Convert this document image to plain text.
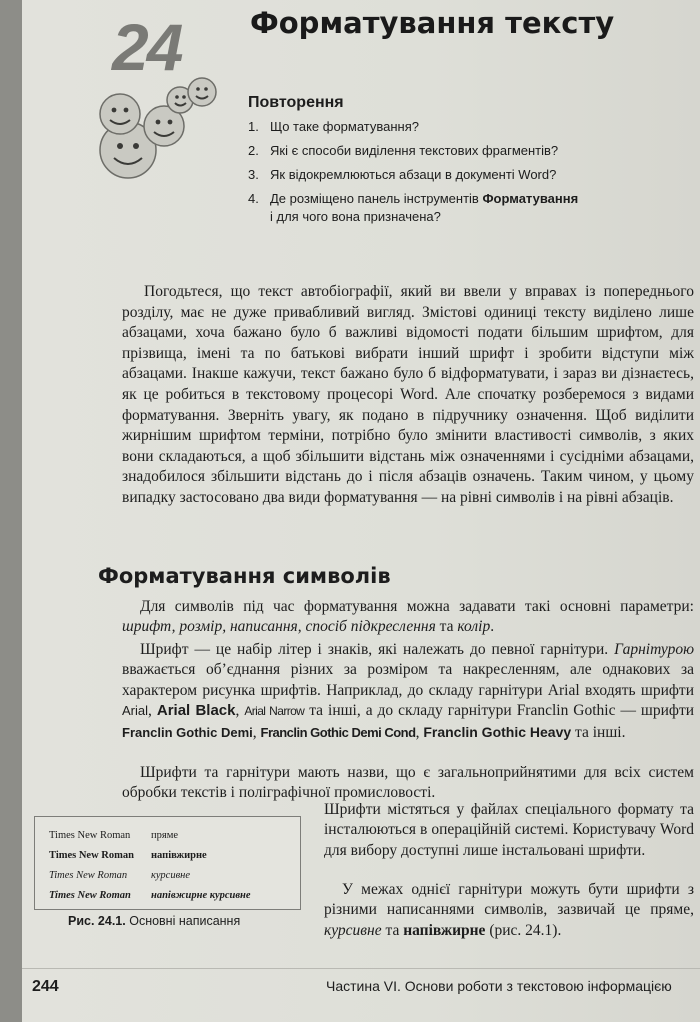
24 Форматування тексту
Повторення
1. Що таке форматування?
2. Які є способи виділення текстових фрагментів?
3. Як відокремлюються абзаци в документі Word?
4. Де розміщено панель інструментів Форматування
і для чого вона призначена?

Погодьтеся, що текст автобіографії, який ви ввели у вправах із попереднього розділу, має не дуже привабливий вигляд. Змістові одиниці тексту виділено лише абзацами, хоча бажано було б важливі відомості подати більшим шрифтом, для прізвища, імені та по батькові вибрати інший шрифт і зробити відступи між абзацами. Інакше кажучи, текст бажано було б відформатувати, і зараз ви дізнаєтесь, як це робиться в текстовому процесорі Word. Але спочатку розберемося з видами форматування. Зверніть увагу, як подано в підручнику означення. Щоб виділити жирнішим шрифтом терміни, потрібно було змінити властивості символів, з яких вони складаються, а щоб збільшити відстань між означеннями і сусідніми абзацами, знадобилося збільшити відстань до і після абзаців означень. Таким чином, у цьому випадку застосовано два види форматування — на рівні символів і на рівні абзаців.

Форматування символів

Для символів під час форматування можна задавати такі основні параметри: шрифт, розмір, написання, спосіб підкреслення та колір.

Шрифт — це набір літер і знаків, які належать до певної гарнітури. Гарнітурою вважається об’єднання різних за розміром та накресленням, але однакових за характером рисунка шрифтів. Наприклад, до складу гарнітури Arial входять шрифти Arial, Arial Black, Arial Narrow та інші, а до складу гарнітури Franclin Gothic — шрифти Franclin Gothic Demi, Franclin Gothic Demi Cond, Franclin Gothic Heavy та інші.

Шрифти та гарнітури мають назви, що є загальноприйнятими для всіх систем обробки текстів і поліграфічної промисловості.

Шрифти містяться у файлах спеціального формату та інсталюються в операційній системі. Користувачу Word для вибору доступні лише інстальовані шрифти.

У межах однієї гарнітури можуть бути шрифти з різними написаннями символів, зазвичай це пряме, курсивне та напівжирне (рис. 24.1).

Times New Roman пряме
Times New Roman напівжирне
Times New Roman курсивне
Times New Roman напівжирне курсивне

Рис. 24.1. Основні написання

244	Частина VI. Основи роботи з текстовою інформацією
